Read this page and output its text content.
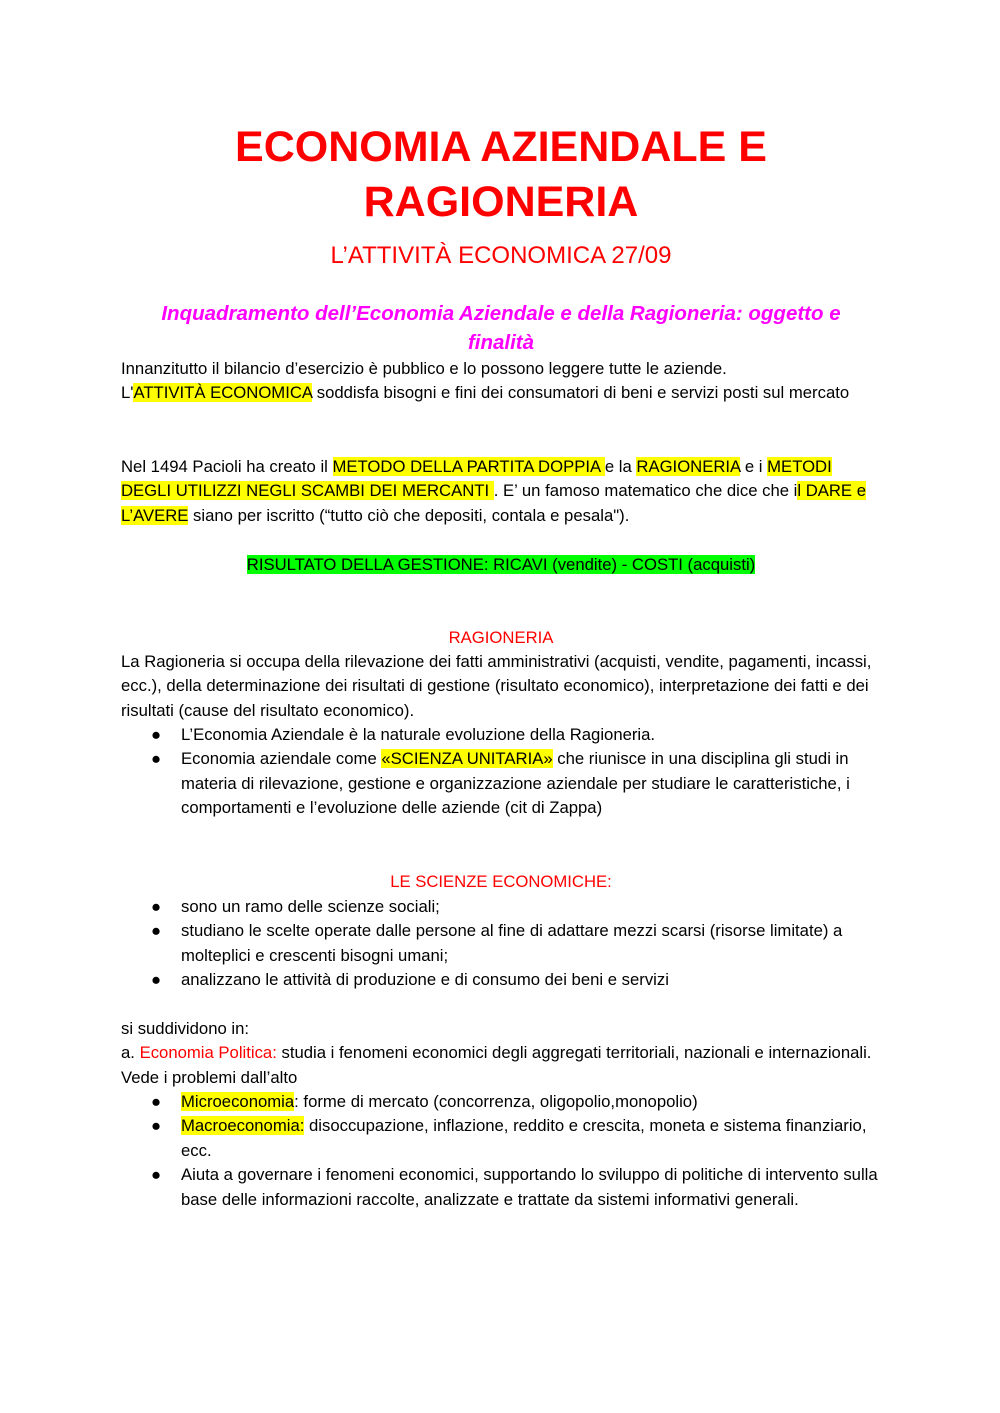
ECONOMIA AZIENDALE E
RAGIONERIA
L’ATTIVITÀ ECONOMICA 27/09
Inquadramento dell’Economia Aziendale e della Ragioneria: oggetto e
finalità
Innanzitutto il bilancio d’esercizio è pubblico e lo possono leggere tutte le aziende.
L'ATTIVITÀ ECONOMICA soddisfa bisogni e fini dei consumatori di beni e servizi posti sul mercato
Nel 1494 Pacioli ha creato il METODO DELLA PARTITA DOPPIA e la RAGIONERIA e i METODI DEGLI UTILIZZI NEGLI SCAMBI DEI MERCANTI . E’ un famoso matematico che dice che il DARE e L’AVERE siano per iscritto (“tutto ciò che depositi, contala e pesala").
RISULTATO DELLA GESTIONE: RICAVI (vendite) - COSTI (acquisti)
RAGIONERIA
La Ragioneria si occupa della rilevazione dei fatti amministrativi (acquisti, vendite, pagamenti, incassi, ecc.), della determinazione dei risultati di gestione (risultato economico), interpretazione dei fatti e dei risultati (cause del risultato economico).
● L’Economia Aziendale è la naturale evoluzione della Ragioneria.
● Economia aziendale come «SCIENZA UNITARIA» che riunisce in una disciplina gli studi in materia di rilevazione, gestione e organizzazione aziendale per studiare le caratteristiche, i comportamenti e l’evoluzione delle aziende (cit di Zappa)
LE SCIENZE ECONOMICHE:
● sono un ramo delle scienze sociali;
● studiano le scelte operate dalle persone al fine di adattare mezzi scarsi (risorse limitate) a molteplici e crescenti bisogni umani;
● analizzano le attività di produzione e di consumo dei beni e servizi
si suddividono in:
a. Economia Politica: studia i fenomeni economici degli aggregati territoriali, nazionali e internazionali. Vede i problemi dall’alto
● Microeconomia: forme di mercato (concorrenza, oligopolio,monopolio)
● Macroeconomia: disoccupazione, inflazione, reddito e crescita, moneta e sistema finanziario, ecc.
● Aiuta a governare i fenomeni economici, supportando lo sviluppo di politiche di intervento sulla base delle informazioni raccolte, analizzate e trattate da sistemi informativi generali.
